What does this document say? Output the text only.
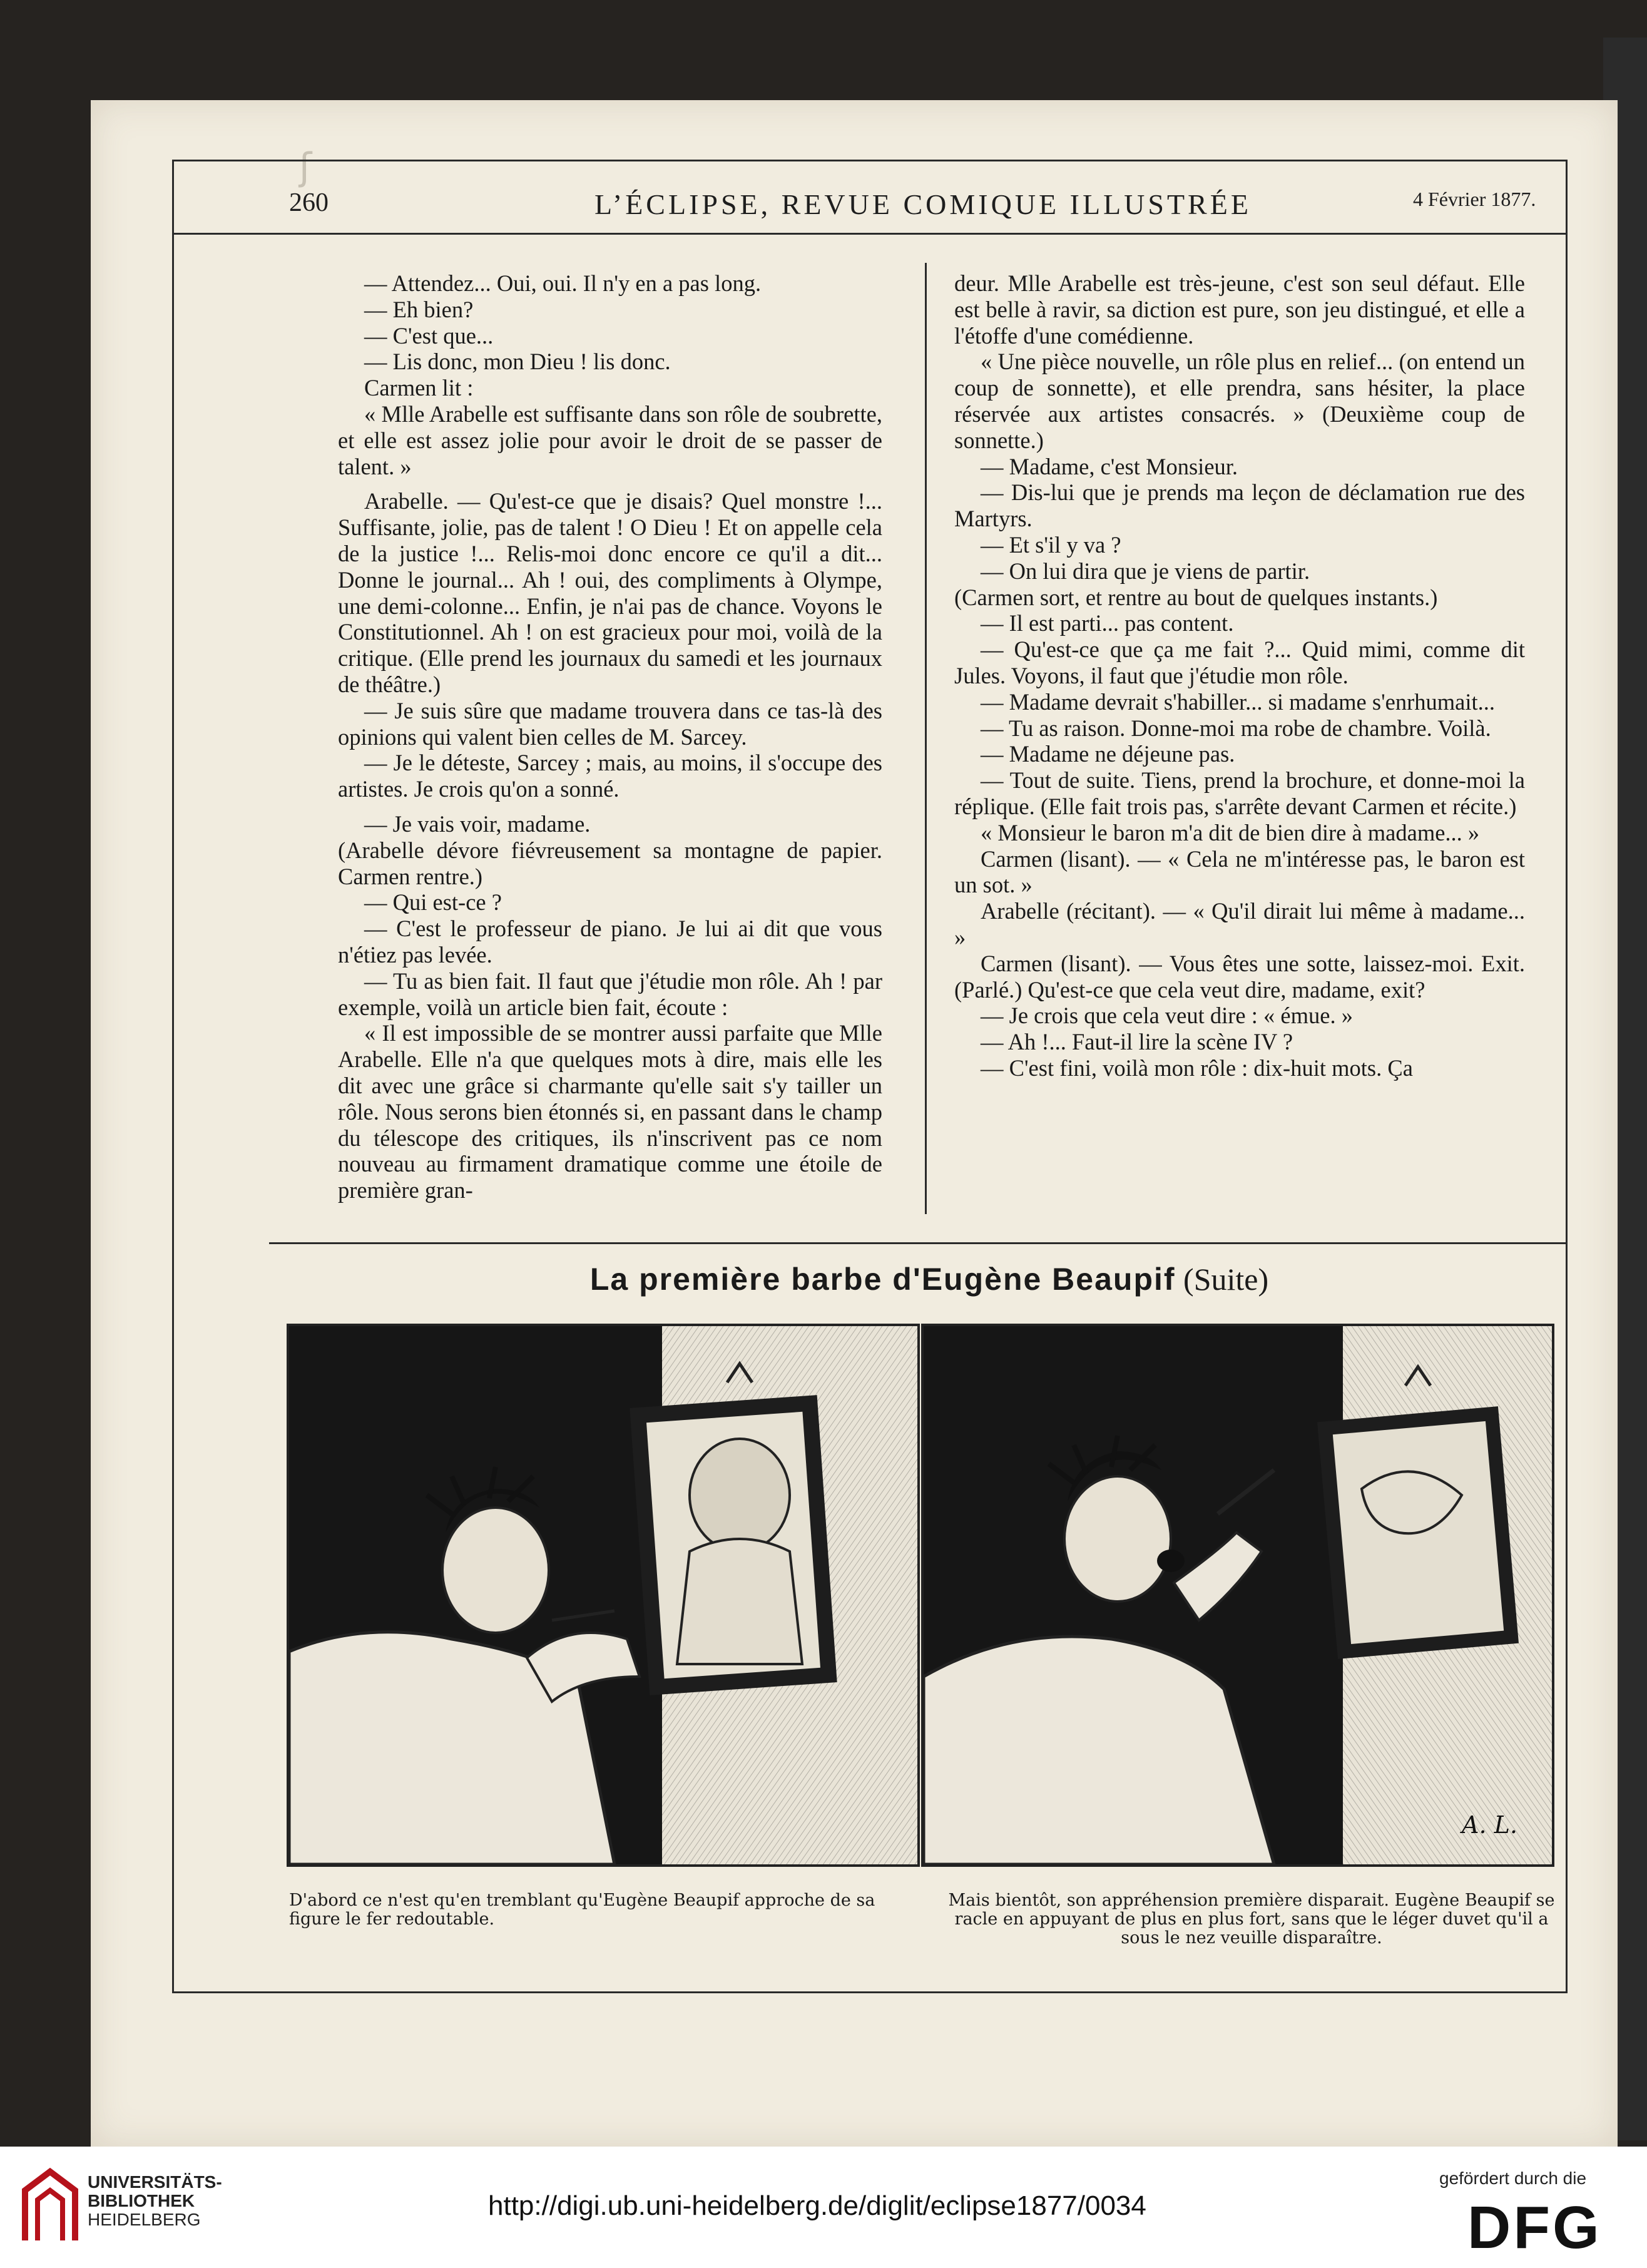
ʃ
260	L’ÉCLIPSE, REVUE COMIQUE ILLUSTRÉE	4 Février 1877.

— Attendez... Oui, oui. Il n'y en a pas long.

— Eh bien?

— C'est que...

— Lis donc, mon Dieu ! lis donc.

Carmen lit :

« Mlle Arabelle est suffisante dans son rôle de soubrette, et elle est assez jolie pour avoir le droit de se passer de talent. »

Arabelle. — Qu'est-ce que je disais? Quel monstre !... Suffisante, jolie, pas de talent ! O Dieu ! Et on appelle cela de la justice !... Relis-moi donc encore ce qu'il a dit... Donne le journal... Ah ! oui, des compliments à Olympe, une demi-colonne... Enfin, je n'ai pas de chance. Voyons le Constitutionnel. Ah ! on est gracieux pour moi, voilà de la critique. (Elle prend les journaux du samedi et les journaux de théâtre.)

— Je suis sûre que madame trouvera dans ce tas-là des opinions qui valent bien celles de M. Sarcey.

— Je le déteste, Sarcey ; mais, au moins, il s'occupe des artistes. Je crois qu'on a sonné.

— Je vais voir, madame.

(Arabelle dévore fiévreusement sa montagne de papier. Carmen rentre.)

— Qui est-ce ?

— C'est le professeur de piano. Je lui ai dit que vous n'étiez pas levée.

— Tu as bien fait. Il faut que j'étudie mon rôle. Ah ! par exemple, voilà un article bien fait, écoute :

« Il est impossible de se montrer aussi parfaite que Mlle Arabelle. Elle n'a que quelques mots à dire, mais elle les dit avec une grâce si charmante qu'elle sait s'y tailler un rôle. Nous serons bien étonnés si, en passant dans le champ du télescope des critiques, ils n'inscrivent pas ce nom nouveau au firmament dramatique comme une étoile de première gran-

deur. Mlle Arabelle est très-jeune, c'est son seul défaut. Elle est belle à ravir, sa diction est pure, son jeu distingué, et elle a l'étoffe d'une comédienne.

« Une pièce nouvelle, un rôle plus en relief... (on entend un coup de sonnette), et elle prendra, sans hésiter, la place réservée aux artistes consacrés. » (Deuxième coup de sonnette.)

— Madame, c'est Monsieur.

— Dis-lui que je prends ma leçon de déclamation rue des Martyrs.

— Et s'il y va ?

— On lui dira que je viens de partir.

(Carmen sort, et rentre au bout de quelques instants.)

— Il est parti... pas content.

— Qu'est-ce que ça me fait ?... Quid mimi, comme dit Jules. Voyons, il faut que j'étudie mon rôle.

— Madame devrait s'habiller... si madame s'enrhumait...

— Tu as raison. Donne-moi ma robe de chambre. Voilà.

— Madame ne déjeune pas.

— Tout de suite. Tiens, prend la brochure, et donne-moi la réplique. (Elle fait trois pas, s'arrête devant Carmen et récite.)

« Monsieur le baron m'a dit de bien dire à madame... »

Carmen (lisant). — « Cela ne m'intéresse pas, le baron est un sot. »

Arabelle (récitant). — « Qu'il dirait lui même à madame... »

Carmen (lisant). — Vous êtes une sotte, laissez-moi. Exit. (Parlé.) Qu'est-ce que cela veut dire, madame, exit?

— Je crois que cela veut dire : « émue. »

— Ah !... Faut-il lire la scène IV ?

— C'est fini, voilà mon rôle : dix-huit mots. Ça

La première barbe d'Eugène Beaupif (Suite)
A. L.
D'abord ce n'est qu'en tremblant qu'Eugène Beaupif approche de sa figure le fer redoutable.
Mais bientôt, son appréhension première disparait. Eugène Beaupif se racle en appuyant de plus en plus fort, sans que le léger duvet qu'il a sous le nez veuille disparaître.
UNIVERSITÄTS-
BIBLIOTHEK
HEIDELBERG	http://digi.ub.uni-heidelberg.de/diglit/eclipse1877/0034
gefördert durch die
DFG
